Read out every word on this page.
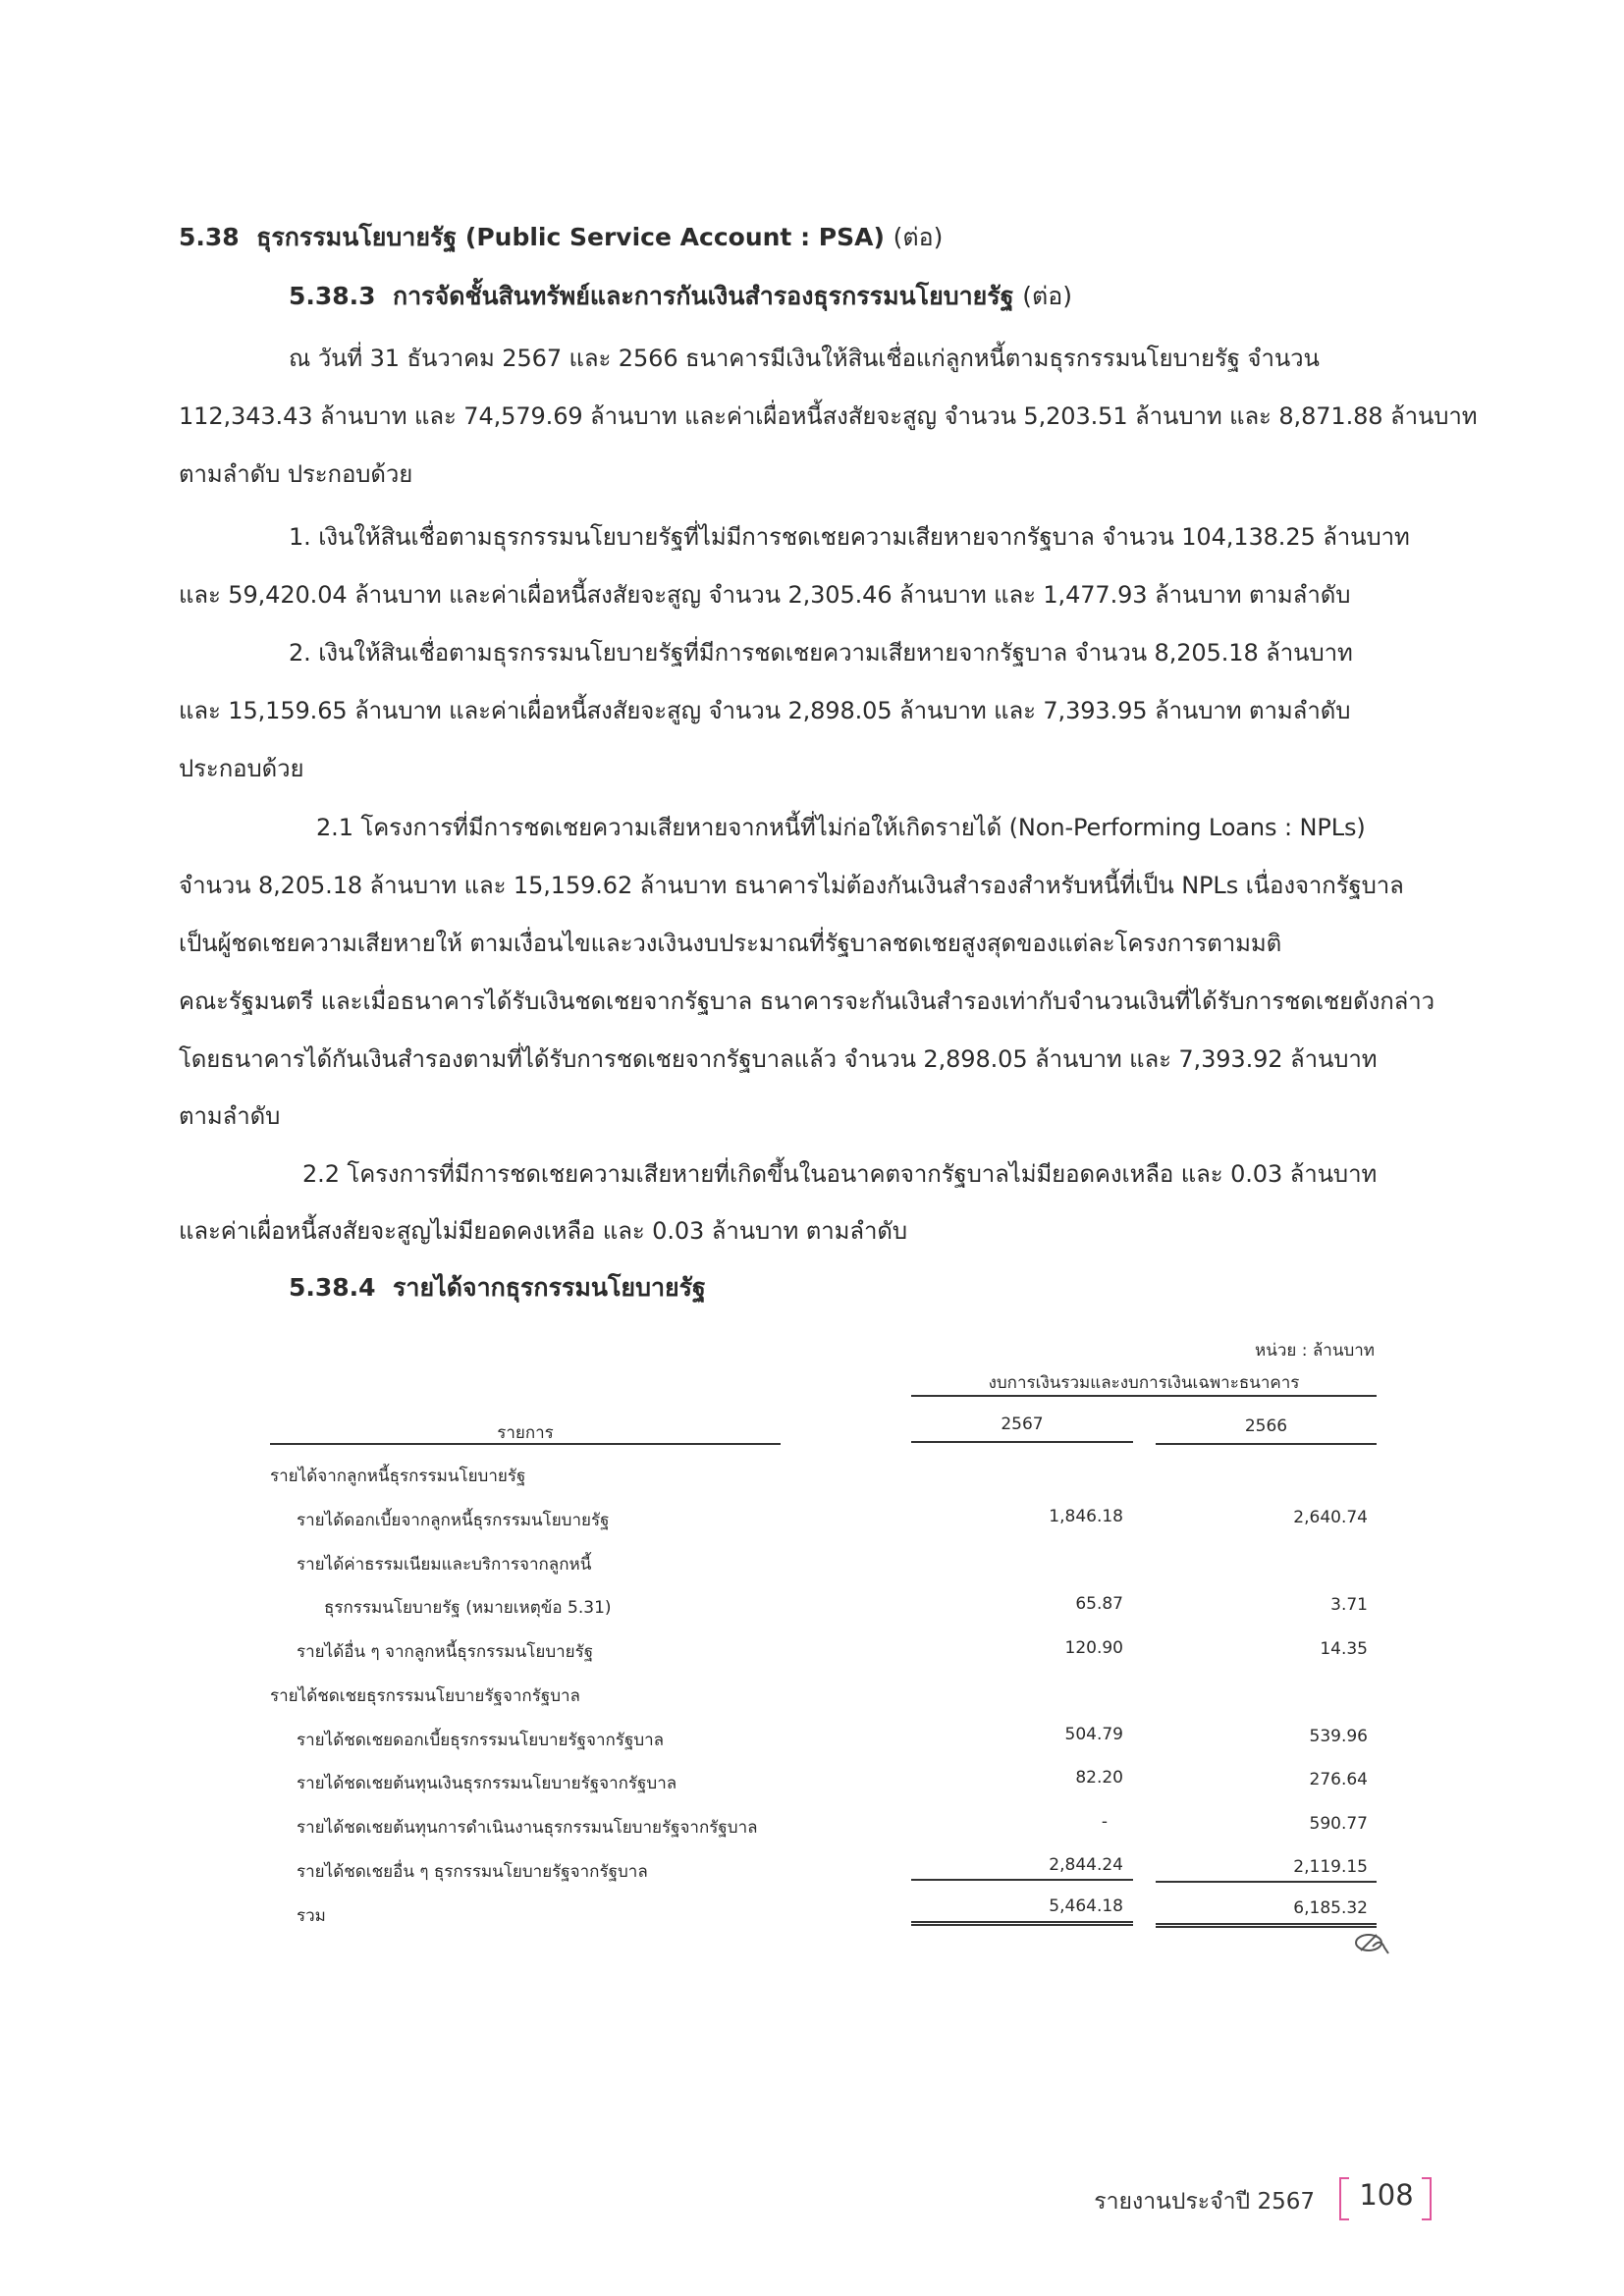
5.38 ธุรกรรมนโยบายรัฐ (Public Service Account : PSA) (ต่อ)
5.38.3 การจัดชั้นสินทรัพย์และการกันเงินสำรองธุรกรรมนโยบายรัฐ (ต่อ)
ณ วันที่ 31 ธันวาคม 2567 และ 2566 ธนาคารมีเงินให้สินเชื่อแก่ลูกหนี้ตามธุรกรรมนโยบายรัฐ จำนวน
112,343.43 ล้านบาท และ 74,579.69 ล้านบาท และค่าเผื่อหนี้สงสัยจะสูญ จำนวน 5,203.51 ล้านบาท และ 8,871.88 ล้านบาท
ตามลำดับ ประกอบด้วย
1. เงินให้สินเชื่อตามธุรกรรมนโยบายรัฐที่ไม่มีการชดเชยความเสียหายจากรัฐบาล จำนวน 104,138.25 ล้านบาท
และ 59,420.04 ล้านบาท และค่าเผื่อหนี้สงสัยจะสูญ จำนวน 2,305.46 ล้านบาท และ 1,477.93 ล้านบาท ตามลำดับ
2. เงินให้สินเชื่อตามธุรกรรมนโยบายรัฐที่มีการชดเชยความเสียหายจากรัฐบาล จำนวน 8,205.18 ล้านบาท
และ 15,159.65 ล้านบาท และค่าเผื่อหนี้สงสัยจะสูญ จำนวน 2,898.05 ล้านบาท และ 7,393.95 ล้านบาท ตามลำดับ
ประกอบด้วย
2.1 โครงการที่มีการชดเชยความเสียหายจากหนี้ที่ไม่ก่อให้เกิดรายได้ (Non-Performing Loans : NPLs)
จำนวน 8,205.18 ล้านบาท และ 15,159.62 ล้านบาท ธนาคารไม่ต้องกันเงินสำรองสำหรับหนี้ที่เป็น NPLs เนื่องจากรัฐบาล
เป็นผู้ชดเชยความเสียหายให้ ตามเงื่อนไขและวงเงินงบประมาณที่รัฐบาลชดเชยสูงสุดของแต่ละโครงการตามมติ
คณะรัฐมนตรี และเมื่อธนาคารได้รับเงินชดเชยจากรัฐบาล ธนาคารจะกันเงินสำรองเท่ากับจำนวนเงินที่ได้รับการชดเชยดังกล่าว
โดยธนาคารได้กันเงินสำรองตามที่ได้รับการชดเชยจากรัฐบาลแล้ว จำนวน 2,898.05 ล้านบาท และ 7,393.92 ล้านบาท
ตามลำดับ
2.2 โครงการที่มีการชดเชยความเสียหายที่เกิดขึ้นในอนาคตจากรัฐบาลไม่มียอดคงเหลือ และ 0.03 ล้านบาท
และค่าเผื่อหนี้สงสัยจะสูญไม่มียอดคงเหลือ และ 0.03 ล้านบาท ตามลำดับ
5.38.4 รายได้จากธุรกรรมนโยบายรัฐ
หน่วย : ล้านบาท
งบการเงินรวมและงบการเงินเฉพาะธนาคาร
รายการ	2567	2566
รายได้จากลูกหนี้ธุรกรรมนโยบายรัฐ
รายได้ดอกเบี้ยจากลูกหนี้ธุรกรรมนโยบายรัฐ	1,846.18	2,640.74
รายได้ค่าธรรมเนียมและบริการจากลูกหนี้
ธุรกรรมนโยบายรัฐ (หมายเหตุข้อ 5.31)	65.87	3.71
รายได้อื่น ๆ จากลูกหนี้ธุรกรรมนโยบายรัฐ	120.90	14.35
รายได้ชดเชยธุรกรรมนโยบายรัฐจากรัฐบาล
รายได้ชดเชยดอกเบี้ยธุรกรรมนโยบายรัฐจากรัฐบาล	504.79	539.96
รายได้ชดเชยต้นทุนเงินธุรกรรมนโยบายรัฐจากรัฐบาล	82.20	276.64
รายได้ชดเชยต้นทุนการดำเนินงานธุรกรรมนโยบายรัฐจากรัฐบาล	-	590.77
รายได้ชดเชยอื่น ๆ ธุรกรรมนโยบายรัฐจากรัฐบาล	2,844.24	2,119.15
รวม	5,464.18	6,185.32
รายงานประจำปี 2567 108
